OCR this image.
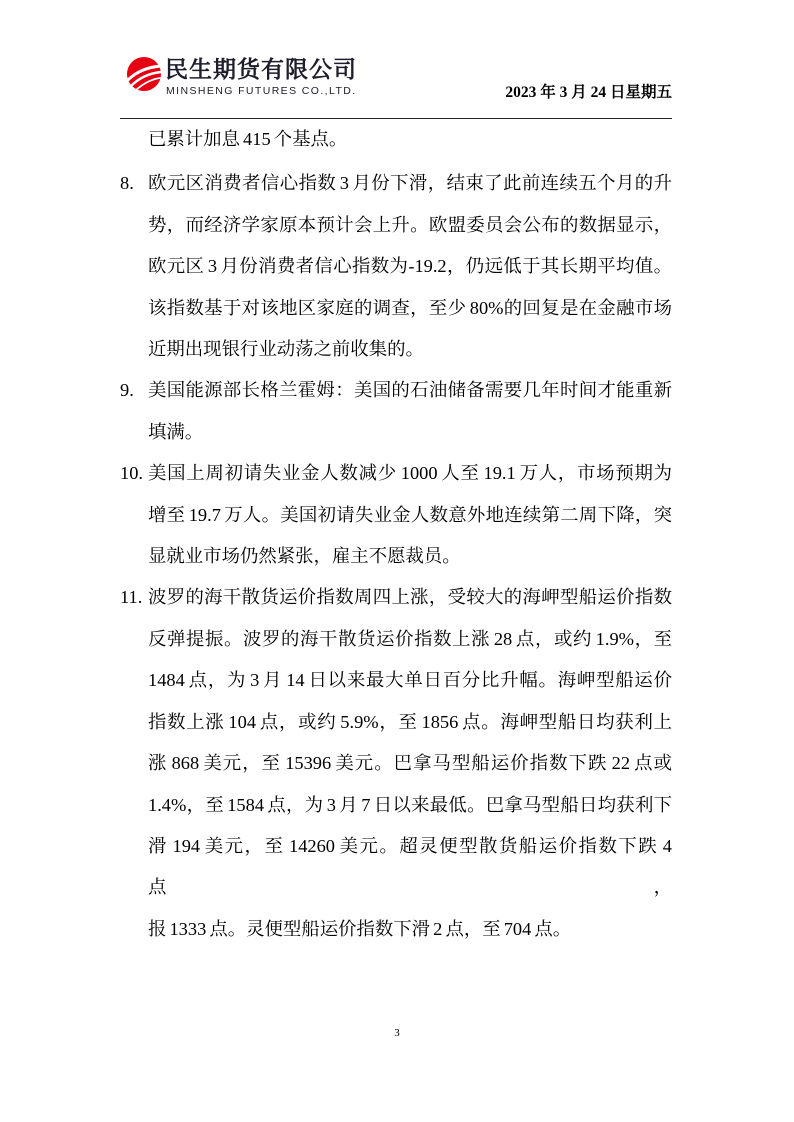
民生期货有限公司
MINSHENG FUTURES CO.,LTD.	2023 年 3 月 24 日星期五
已累计加息 415 个基点。
8. 欧元区消费者信心指数 3 月份下滑，结束了此前连续五个月的升
势，而经济学家原本预计会上升。欧盟委员会公布的数据显示，
欧元区 3 月份消费者信心指数为-19.2，仍远低于其长期平均值。
该指数基于对该地区家庭的调查，至少 80%的回复是在金融市场
近期出现银行业动荡之前收集的。
9. 美国能源部长格兰霍姆：美国的石油储备需要几年时间才能重新
填满。
10. 美国上周初请失业金人数减少 1000 人至 19.1 万人，市场预期为
增至 19.7 万人。美国初请失业金人数意外地连续第二周下降，突
显就业市场仍然紧张，雇主不愿裁员。
11. 波罗的海干散货运价指数周四上涨，受较大的海岬型船运价指数
反弹提振。波罗的海干散货运价指数上涨 28 点，或约 1.9%，至
1484 点，为 3 月 14 日以来最大单日百分比升幅。海岬型船运价
指数上涨 104 点，或约 5.9%，至 1856 点。海岬型船日均获利上
涨 868 美元，至 15396 美元。巴拿马型船运价指数下跌 22 点或
1.4%，至 1584 点，为 3 月 7 日以来最低。巴拿马型船日均获利下
滑 194 美元，至 14260 美元。超灵便型散货船运价指数下跌 4 点，
报 1333 点。灵便型船运价指数下滑 2 点，至 704 点。
3
